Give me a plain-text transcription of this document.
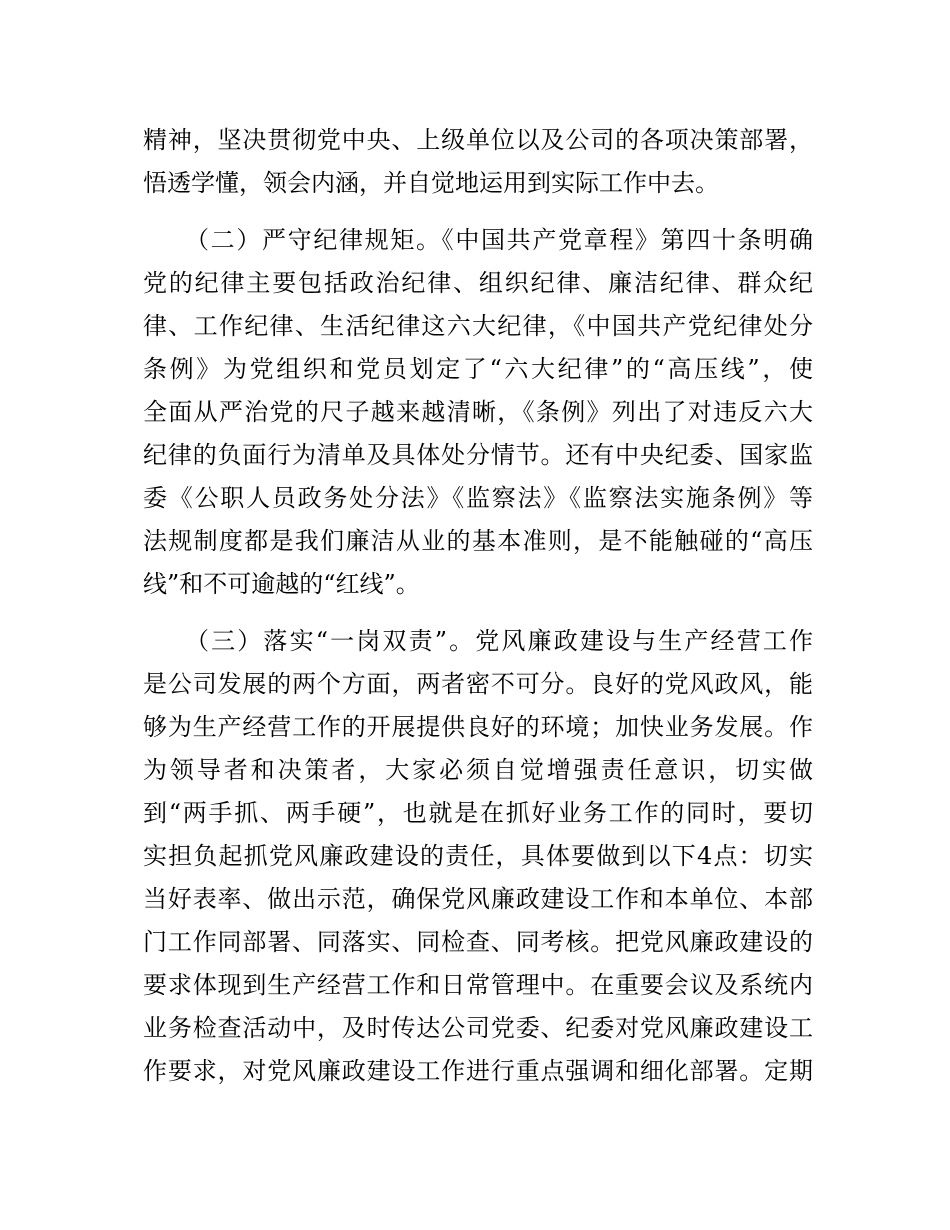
精神，坚决贯彻党中央、上级单位以及公司的各项决策部署，
悟透学懂，领会内涵，并自觉地运用到实际工作中去。
（二）严守纪律规矩。《中国共产党章程》第四十条明确
党的纪律主要包括政治纪律、组织纪律、廉洁纪律、群众纪
律、工作纪律、生活纪律这六大纪律，《中国共产党纪律处分
条例》为党组织和党员划定了“六大纪律”的“高压线”，使
全面从严治党的尺子越来越清晰，《条例》列出了对违反六大
纪律的负面行为清单及具体处分情节。还有中央纪委、国家监
委《公职人员政务处分法》《监察法》《监察法实施条例》等
法规制度都是我们廉洁从业的基本准则，是不能触碰的“高压
线”和不可逾越的“红线”。
（三）落实“一岗双责”。党风廉政建设与生产经营工作
是公司发展的两个方面，两者密不可分。良好的党风政风，能
够为生产经营工作的开展提供良好的环境；加快业务发展。作
为领导者和决策者，大家必须自觉增强责任意识，切实做
到“两手抓、两手硬”，也就是在抓好业务工作的同时，要切
实担负起抓党风廉政建设的责任，具体要做到以下4点：切实
当好表率、做出示范，确保党风廉政建设工作和本单位、本部
门工作同部署、同落实、同检查、同考核。把党风廉政建设的
要求体现到生产经营工作和日常管理中。在重要会议及系统内
业务检查活动中，及时传达公司党委、纪委对党风廉政建设工
作要求，对党风廉政建设工作进行重点强调和细化部署。定期
